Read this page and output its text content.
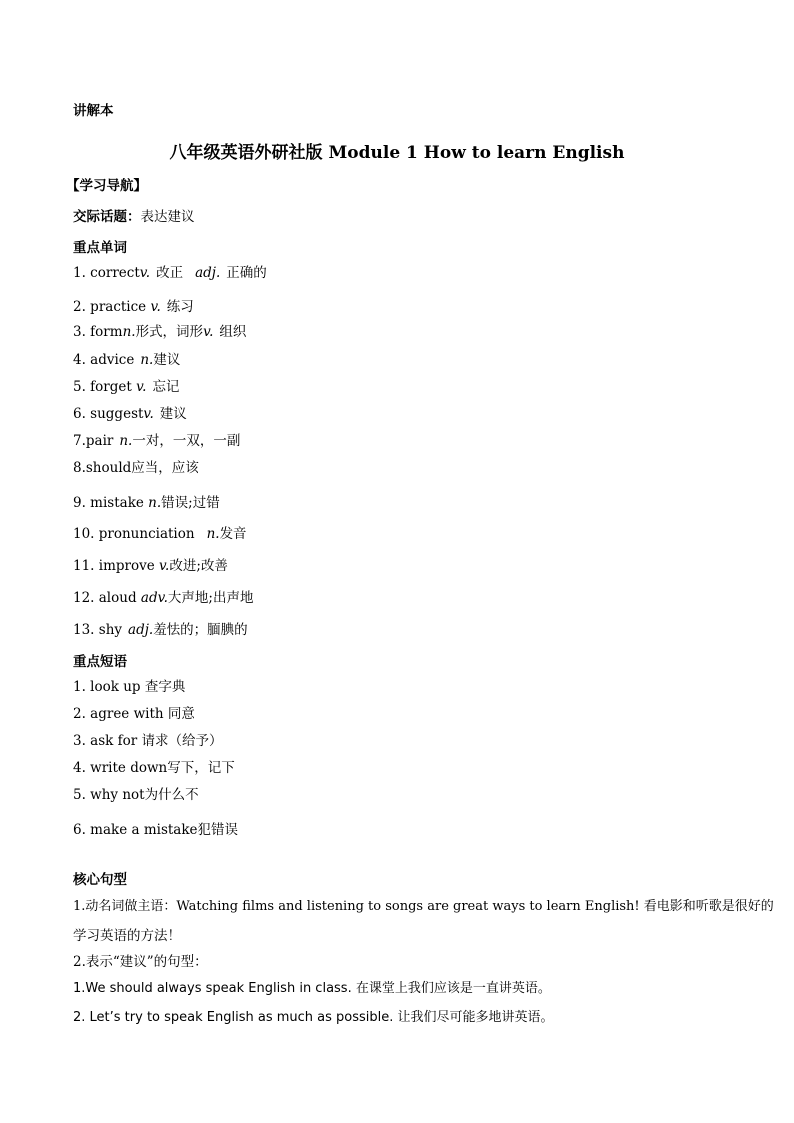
讲解本
八年级英语外研社版 Module 1 How to learn English
【学习导航】
交际话题：表达建议
重点单词
1. correctv. 改正 adj. 正确的
2. practice v. 练习
3. formn.形式，词形v. 组织
4. advice n.建议
5. forget v. 忘记
6. suggestv. 建议
7.pair n.一对，一双，一副
8.should应当，应该
9. mistake n.错误;过错
10. pronunciation n.发音
11. improve v.改进;改善
12. aloud adv.大声地;出声地
13. shy adj.羞怯的；腼腆的
重点短语
1. look up 查字典
2. agree with 同意
3. ask for 请求（给予）
4. write down写下，记下
5. why not为什么不
6. make a mistake犯错误
核心句型
1.动名词做主语：Watching films and listening to songs are great ways to learn English! 看电影和听歌是很好的
学习英语的方法！
2.表示“建议”的句型：
1.We should always speak English in class. 在课堂上我们应该是一直讲英语。
2. Let’s try to speak English as much as possible. 让我们尽可能多地讲英语。
